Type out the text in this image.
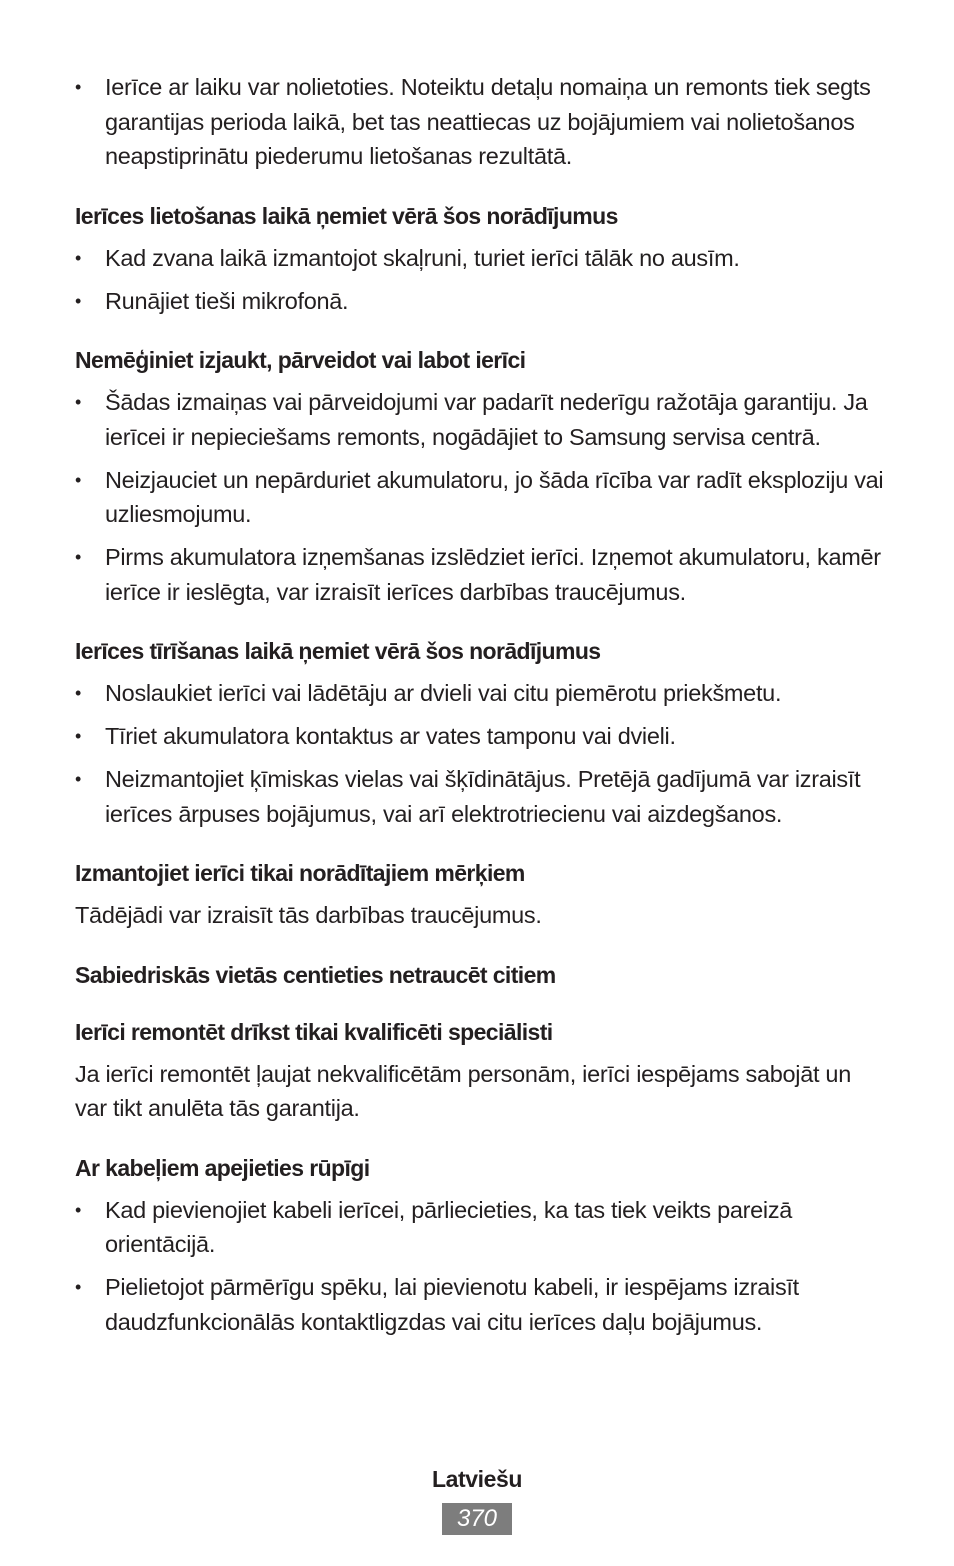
•	Ierīce ar laiku var nolietoties. Noteiktu detaļu nomaiņa un remonts tiek segts garantijas perioda laikā, bet tas neattiecas uz bojājumiem vai nolietošanos neapstiprinātu piederumu lietošanas rezultātā.
Ierīces lietošanas laikā ņemiet vērā šos norādījumus
•	Kad zvana laikā izmantojot skaļruni, turiet ierīci tālāk no ausīm.
•	Runājiet tieši mikrofonā.
Nemēģiniet izjaukt, pārveidot vai labot ierīci
•	Šādas izmaiņas vai pārveidojumi var padarīt nederīgu ražotāja garantiju. Ja ierīcei ir nepieciešams remonts, nogādājiet to Samsung servisa centrā.
•	Neizjauciet un nepārduriet akumulatoru, jo šāda rīcība var radīt eksploziju vai uzliesmojumu.
•	Pirms akumulatora izņemšanas izslēdziet ierīci. Izņemot akumulatoru, kamēr ierīce ir ieslēgta, var izraisīt ierīces darbības traucējumus.
Ierīces tīrīšanas laikā ņemiet vērā šos norādījumus
•	Noslaukiet ierīci vai lādētāju ar dvieli vai citu piemērotu priekšmetu.
•	Tīriet akumulatora kontaktus ar vates tamponu vai dvieli.
•	Neizmantojiet ķīmiskas vielas vai šķīdinātājus. Pretējā gadījumā var izraisīt ierīces ārpuses bojājumus, vai arī elektrotriecienu vai aizdegšanos.
Izmantojiet ierīci tikai norādītajiem mērķiem

Tādējādi var izraisīt tās darbības traucējumus.

Sabiedriskās vietās centieties netraucēt citiem
Ierīci remontēt drīkst tikai kvalificēti speciālisti

Ja ierīci remontēt ļaujat nekvalificētām personām, ierīci iespējams sabojāt un var tikt anulēta tās garantija.

Ar kabeļiem apejieties rūpīgi
•	Kad pievienojiet kabeli ierīcei, pārliecieties, ka tas tiek veikts pareizā orientācijā.
•	Pielietojot pārmērīgu spēku, lai pievienotu kabeli, ir iespējams izraisīt daudzfunkcionālās kontaktligzdas vai citu ierīces daļu bojājumus.
Latviešu
370
